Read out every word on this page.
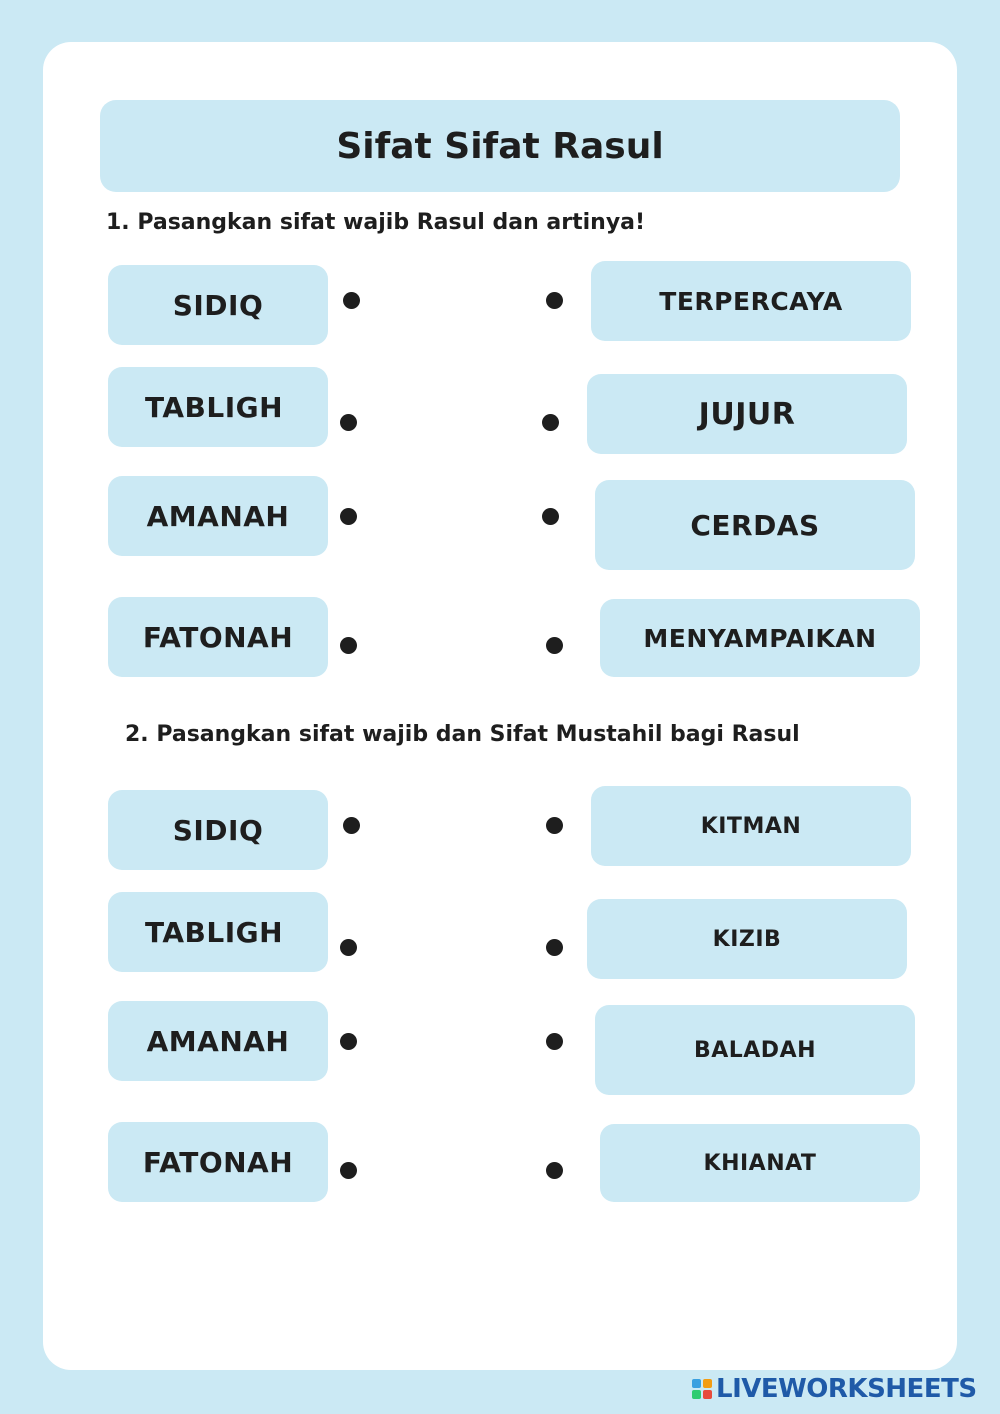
Sifat Sifat Rasul
1. Pasangkan sifat wajib Rasul dan artinya!
SIDIQ
TABLIGH
AMANAH
FATONAH
TERPERCAYA
JUJUR
CERDAS
MENYAMPAIKAN
2. Pasangkan sifat wajib dan Sifat Mustahil bagi Rasul
SIDIQ
TABLIGH
AMANAH
FATONAH
KITMAN
KIZIB
BALADAH
KHIANAT
LIVEWORKSHEETS
